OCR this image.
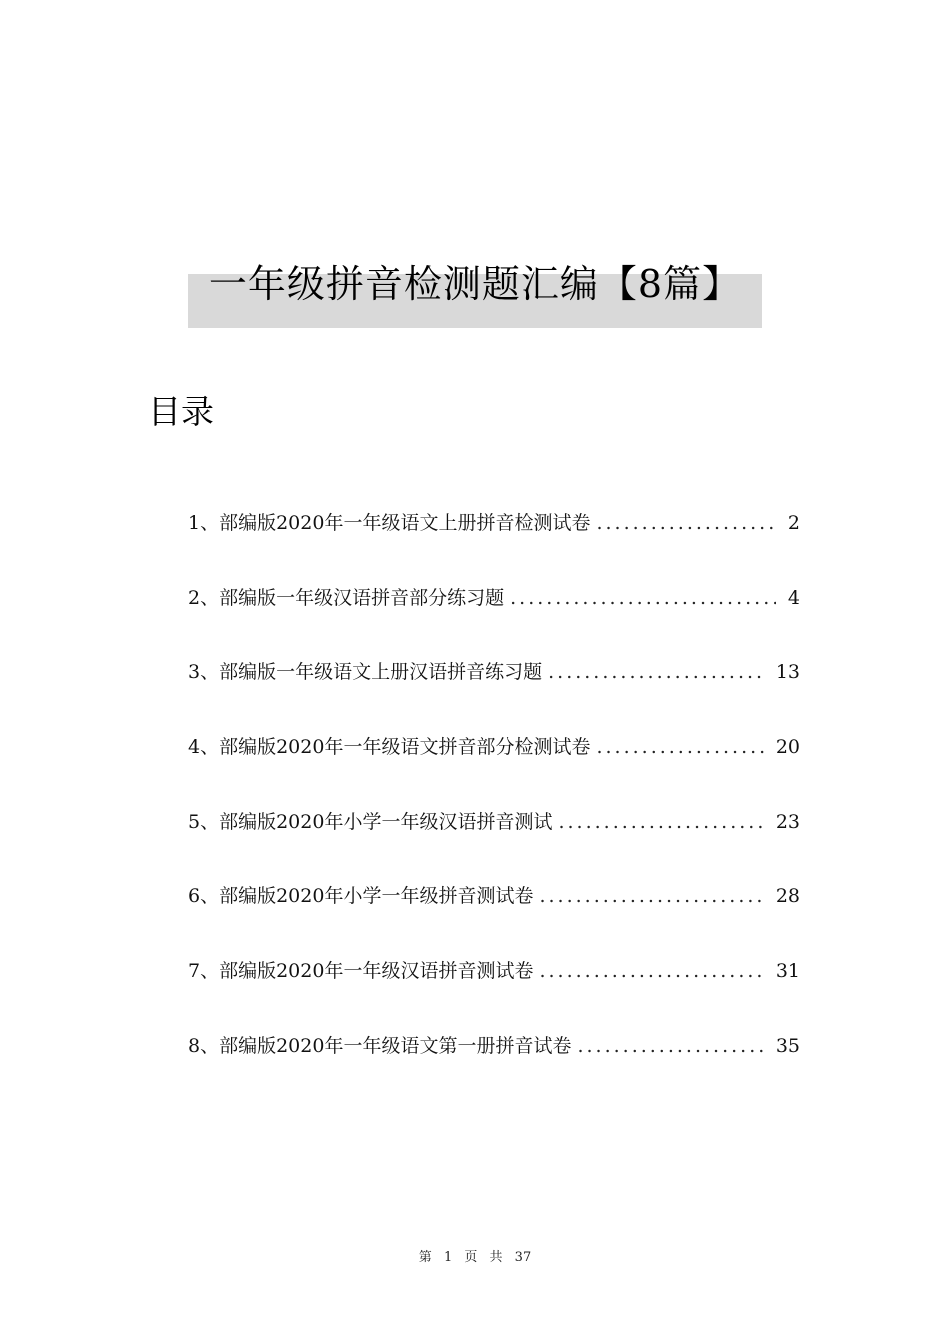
一年级拼音检测题汇编【8篇】
目录
1、 部编版2020年一年级语文上册拼音检测试卷 .....	2
2、 部编版一年级汉语拼音部分练习题 .....	4
3、 部编版一年级语文上册汉语拼音练习题 .....	13
4、 部编版2020年一年级语文拼音部分检测试卷 .....	20
5、 部编版2020年小学一年级汉语拼音测试 .....	23
6、 部编版2020年小学一年级拼音测试卷 .....	28
7、 部编版2020年一年级汉语拼音测试卷 .....	31
8、 部编版2020年一年级语文第一册拼音试卷 .....	35
第 1 页 共 37
